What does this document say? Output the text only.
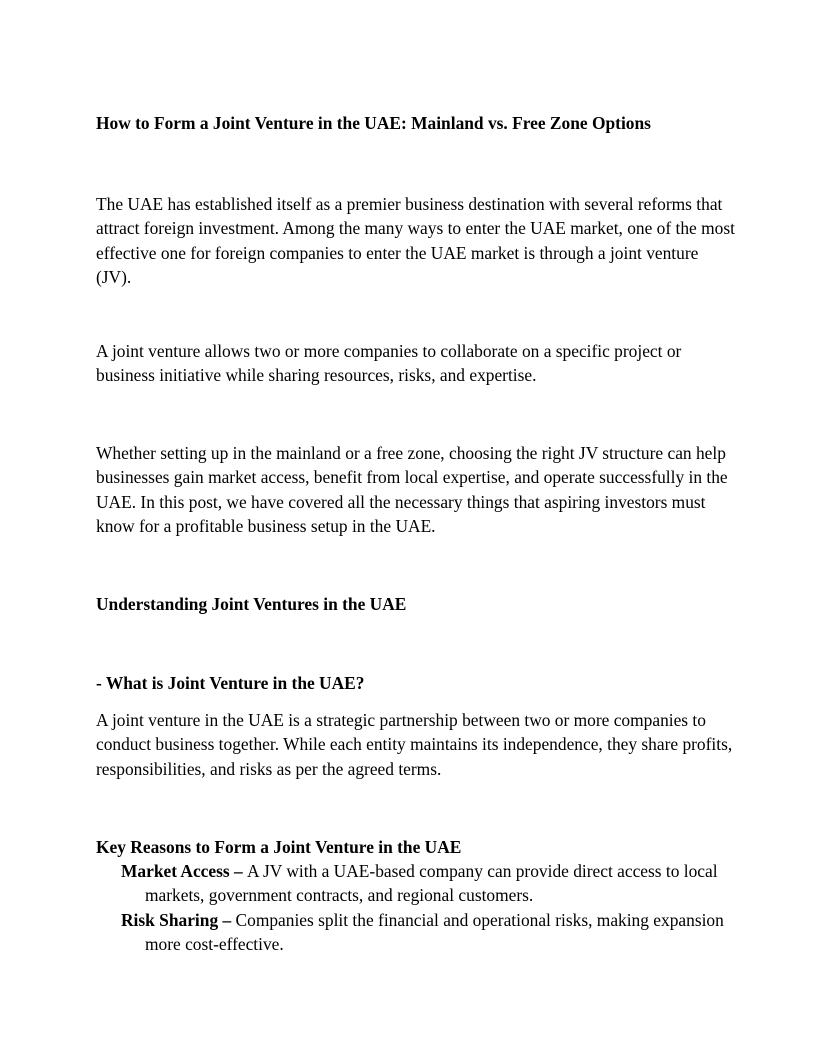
How to Form a Joint Venture in the UAE: Mainland vs. Free Zone Options

The UAE has established itself as a premier business destination with several reforms that attract foreign investment. Among the many ways to enter the UAE market, one of the most effective one for foreign companies to enter the UAE market is through a joint venture (JV).

A joint venture allows two or more companies to collaborate on a specific project or business initiative while sharing resources, risks, and expertise.

Whether setting up in the mainland or a free zone, choosing the right JV structure can help businesses gain market access, benefit from local expertise, and operate successfully in the UAE. In this post, we have covered all the necessary things that aspiring investors must know for a profitable business setup in the UAE.

Understanding Joint Ventures in the UAE

- What is Joint Venture in the UAE?

A joint venture in the UAE is a strategic partnership between two or more companies to conduct business together. While each entity maintains its independence, they share profits, responsibilities, and risks as per the agreed terms.

Key Reasons to Form a Joint Venture in the UAE

Market Access – A JV with a UAE-based company can provide direct access to local markets, government contracts, and regional customers.
Risk Sharing – Companies split the financial and operational risks, making expansion more cost-effective.
